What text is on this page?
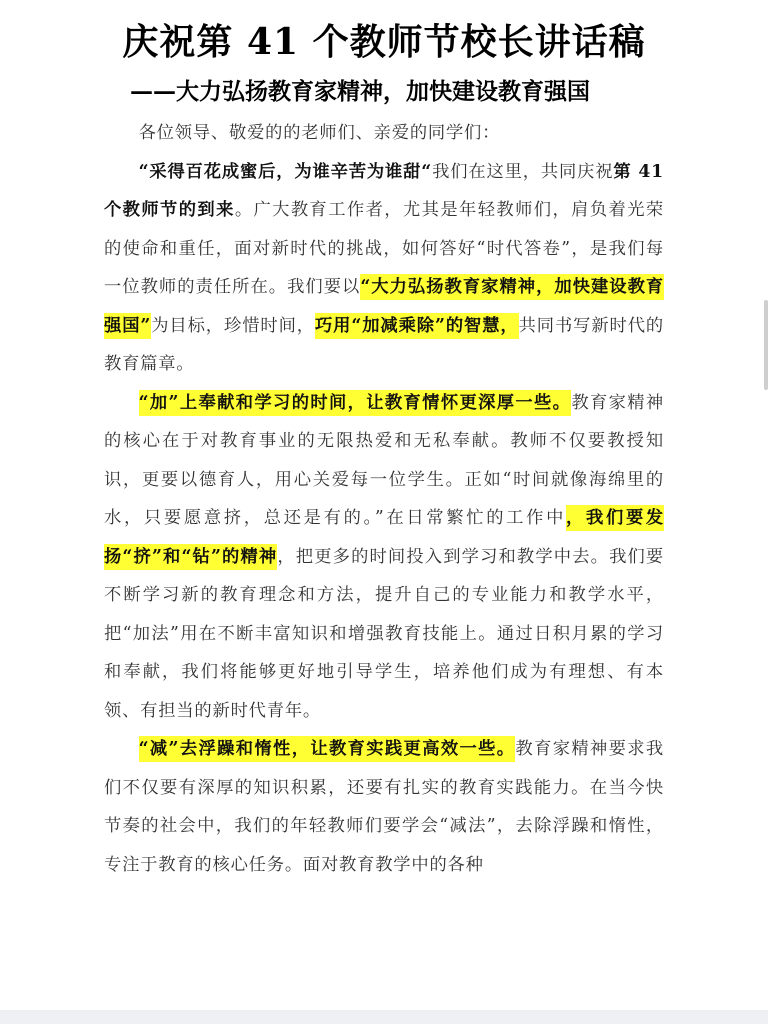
庆祝第 41 个教师节校长讲话稿
——大力弘扬教育家精神，加快建设教育强国

各位领导、敬爱的的老师们、亲爱的同学们：

“采得百花成蜜后，为谁辛苦为谁甜“我们在这里，共同庆祝第 41 个教师节的到来。广大教育工作者，尤其是年轻教师们，肩负着光荣的使命和重任，面对新时代的挑战，如何答好“时代答卷”，是我们每一位教师的责任所在。我们要以“大力弘扬教育家精神，加快建设教育强国”为目标，珍惜时间，巧用“加减乘除”的智慧，共同书写新时代的教育篇章。

“加”上奉献和学习的时间，让教育情怀更深厚一些。教育家精神的核心在于对教育事业的无限热爱和无私奉献。教师不仅要教授知识，更要以德育人，用心关爱每一位学生。正如“时间就像海绵里的水，只要愿意挤，总还是有的。”在日常繁忙的工作中，我们要发扬“挤”和“钻”的精神，把更多的时间投入到学习和教学中去。我们要不断学习新的教育理念和方法，提升自己的专业能力和教学水平，把“加法”用在不断丰富知识和增强教育技能上。通过日积月累的学习和奉献，我们将能够更好地引导学生，培养他们成为有理想、有本领、有担当的新时代青年。

“减”去浮躁和惰性，让教育实践更高效一些。教育家精神要求我们不仅要有深厚的知识积累，还要有扎实的教育实践能力。在当今快节奏的社会中，我们的年轻教师们要学会“减法”，去除浮躁和惰性，专注于教育的核心任务。面对教育教学中的各种
